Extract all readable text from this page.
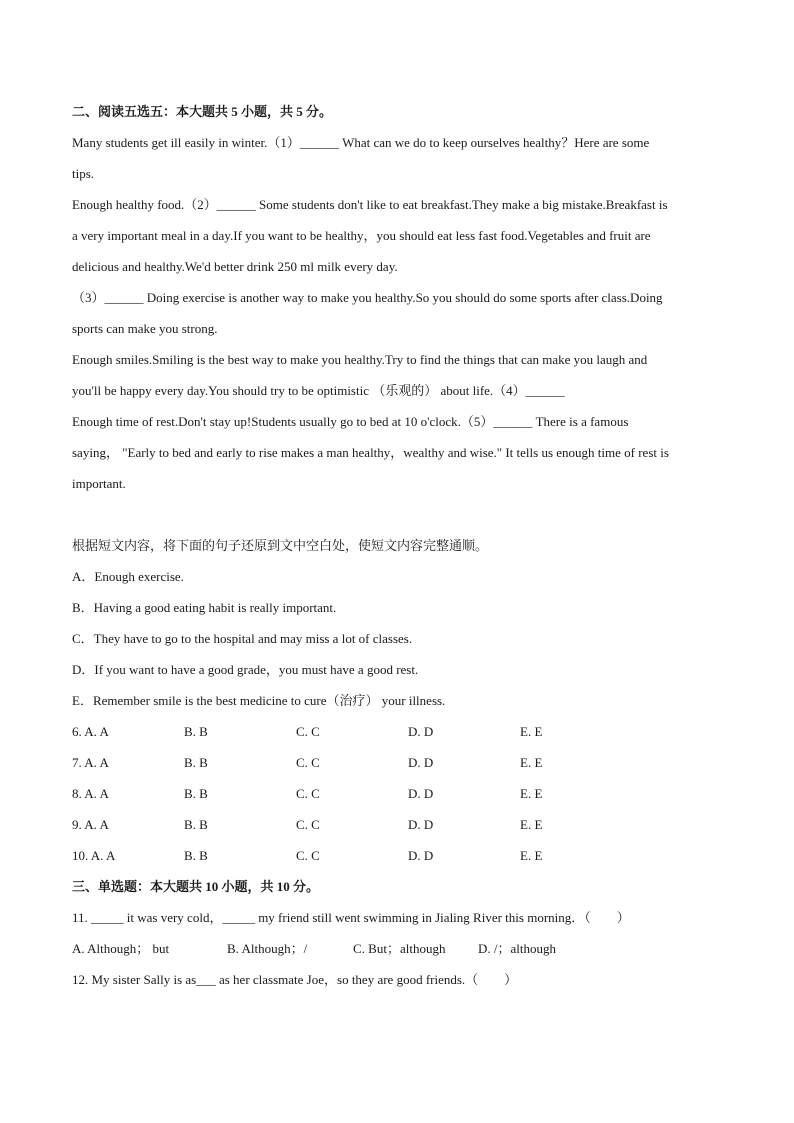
二、阅读五选五：本大题共 5 小题，共 5 分。
Many students get ill easily in winter.（1）______ What can we do to keep ourselves healthy？Here are some
tips.
Enough healthy food.（2）______ Some students don't like to eat breakfast.They make a big mistake.Breakfast is
a very important meal in a day.If you want to be healthy，you should eat less fast food.Vegetables and fruit are
delicious and healthy.We'd better drink 250 ml milk every day.
（3）______ Doing exercise is another way to make you healthy.So you should do some sports after class.Doing
sports can make you strong.
Enough smiles.Smiling is the best way to make you healthy.Try to find the things that can make you laugh and
you'll be happy every day.You should try to be optimistic （乐观的） about life.（4）______
Enough time of rest.Don't stay up!Students usually go to bed at 10 o'clock.（5）______ There is a famous
saying， "Early to bed and early to rise makes a man healthy，wealthy and wise." It tells us enough time of rest is
important.
根据短文内容，将下面的句子还原到文中空白处，使短文内容完整通顺。
A．Enough exercise.
B．Having a good eating habit is really important.
C．They have to go to the hospital and may miss a lot of classes.
D．If you want to have a good grade，you must have a good rest.
E．Remember smile is the best medicine to cure（治疗） your illness.
6. A. A	B. B	C. C	D. D	E. E
7. A. A	B. B	C. C	D. D	E. E
8. A. A	B. B	C. C	D. D	E. E
9. A. A	B. B	C. C	D. D	E. E
10. A. A	B. B	C. C	D. D	E. E
三、单选题：本大题共 10 小题，共 10 分。
11. _____ it was very cold，_____ my friend still went swimming in Jialing River this morning．（　　）
A. Although； but	B. Although；/	C. But；although	D. /；although
12. My sister Sally is as___ as her classmate Joe，so they are good friends.（　　）
